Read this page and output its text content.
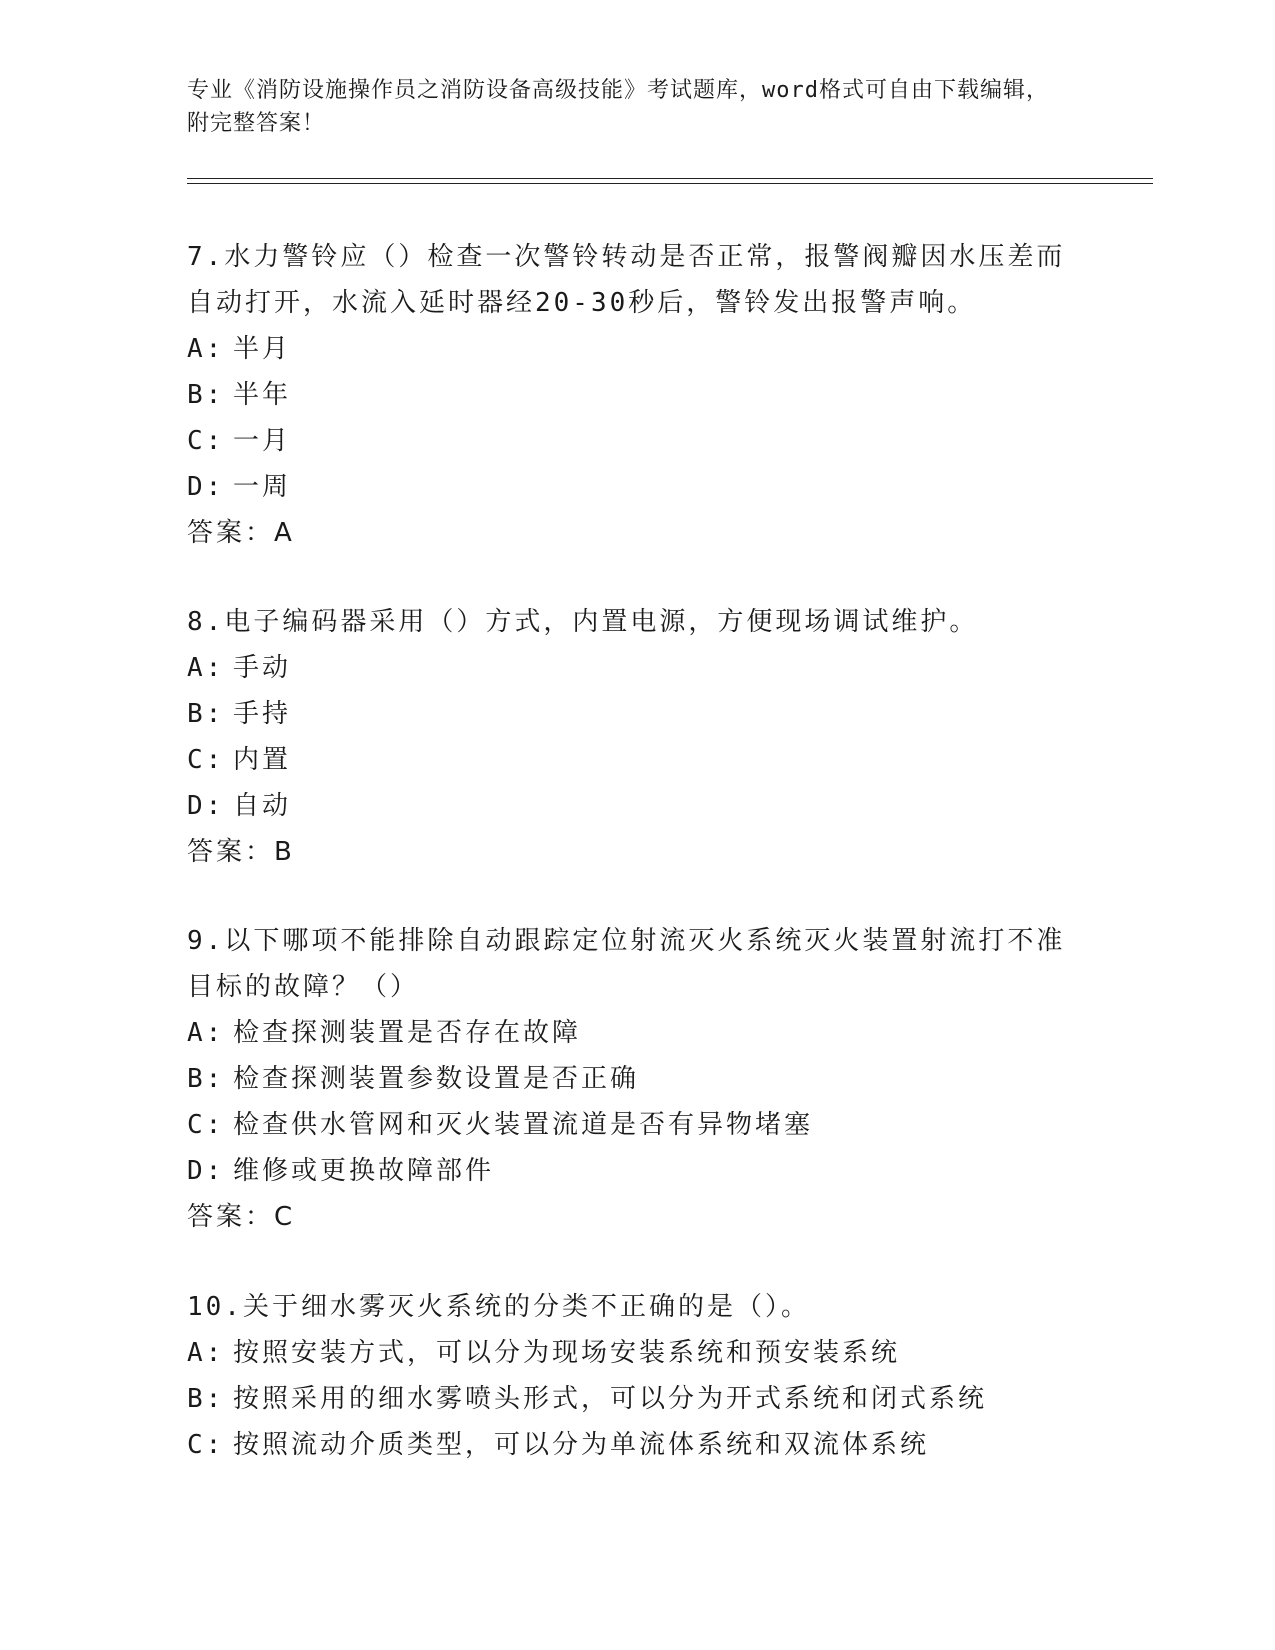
专业《消防设施操作员之消防设备高级技能》考试题库，word格式可自由下载编辑，附完整答案！
7.水力警铃应（）检查一次警铃转动是否正常，报警阀瓣因水压差而自动打开，水流入延时器经20-30秒后，警铃发出报警声响。
A: 半月
B: 半年
C: 一月
D: 一周
答案：A
8.电子编码器采用（）方式，内置电源，方便现场调试维护。
A: 手动
B: 手持
C: 内置
D: 自动
答案：B
9.以下哪项不能排除自动跟踪定位射流灭火系统灭火装置射流打不准目标的故障？（）
A: 检查探测装置是否存在故障
B: 检查探测装置参数设置是否正确
C: 检查供水管网和灭火装置流道是否有异物堵塞
D: 维修或更换故障部件
答案：C
10.关于细水雾灭火系统的分类不正确的是（）。
A: 按照安装方式，可以分为现场安装系统和预安装系统
B: 按照采用的细水雾喷头形式，可以分为开式系统和闭式系统
C: 按照流动介质类型，可以分为单流体系统和双流体系统
